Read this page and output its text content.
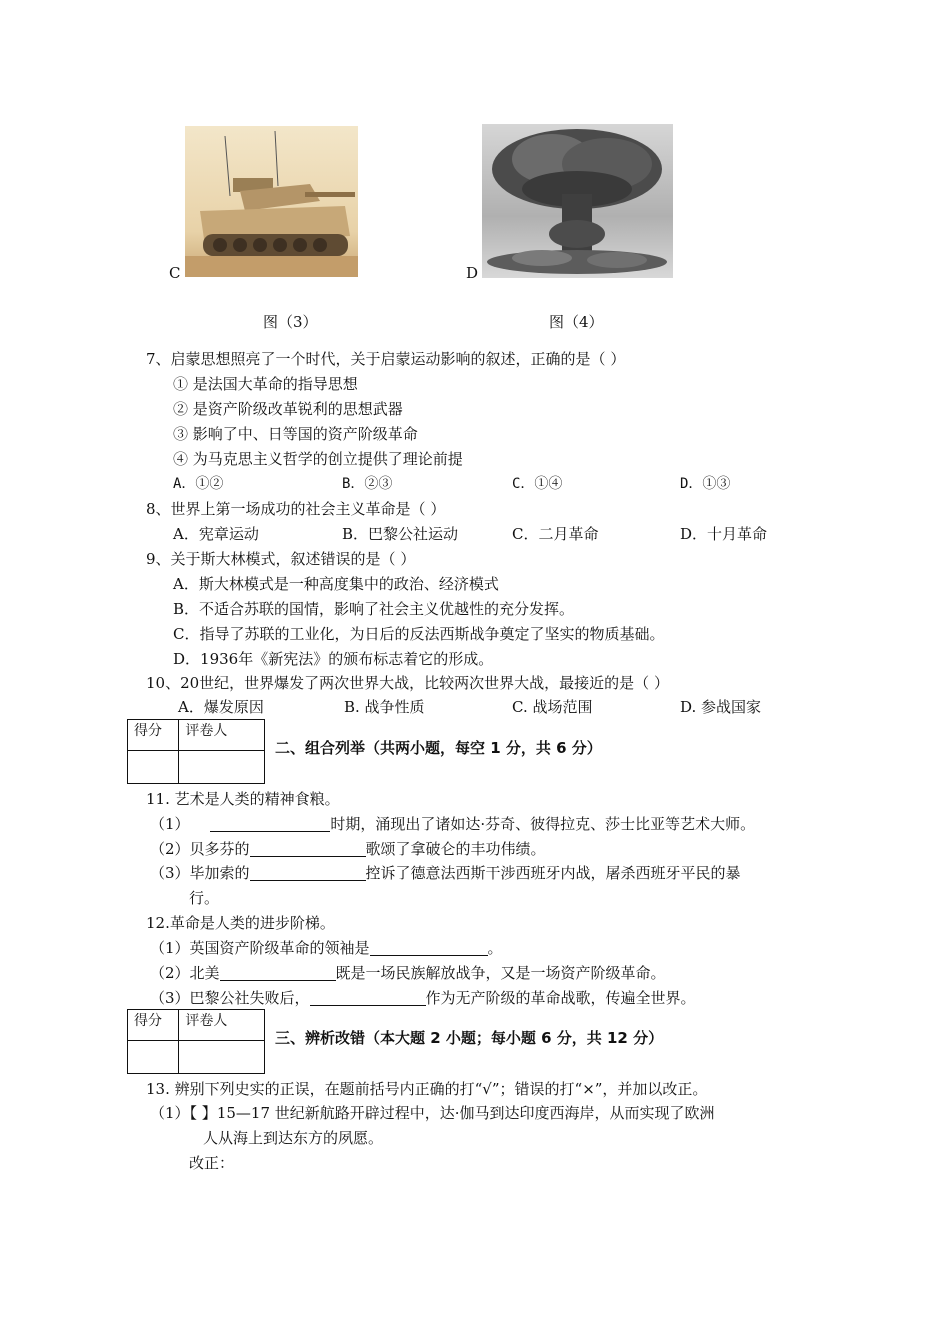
C	D
图（3）	图（4）
7、启蒙思想照亮了一个时代，关于启蒙运动影响的叙述，正确的是（ ）
① 是法国大革命的指导思想
② 是资产阶级改革锐利的思想武器
③ 影响了中、日等国的资产阶级革命
④ 为马克思主义哲学的创立提供了理论前提
A．①②	B．②③	C．①④	D．①③
8、世界上第一场成功的社会主义革命是（ ）
A．宪章运动	B．巴黎公社运动	C．二月革命	D．十月革命
9、关于斯大林模式，叙述错误的是（ ）
A．斯大林模式是一种高度集中的政治、经济模式
B．不适合苏联的国情，影响了社会主义优越性的充分发挥。
C．指导了苏联的工业化，为日后的反法西斯战争奠定了坚实的物质基础。
D．1936年《新宪法》的颁布标志着它的形成。
10、20世纪，世界爆发了两次世界大战，比较两次世界大战，最接近的是（ ）
A．爆发原因	B. 战争性质	C. 战场范围	D. 参战国家
得分	评卷人

二、组合列举（共两小题，每空 1 分，共 6 分）
11. 艺术是人类的精神食粮。
（1）	时期，涌现出了诸如达·芬奇、彼得拉克、莎士比亚等艺术大师。
（2）贝多芬的	歌颂了拿破仑的丰功伟绩。
（3）毕加索的	控诉了德意法西斯干涉西班牙内战，屠杀西班牙平民的暴
行。
12.革命是人类的进步阶梯。
（1）英国资产阶级革命的领袖是	。
（2）北美	既是一场民族解放战争，又是一场资产阶级革命。
（3）巴黎公社失败后，	作为无产阶级的革命战歌，传遍全世界。
得分	评卷人

三、辨析改错（本大题 2 小题；每小题 6 分，共 12 分）
13. 辨别下列史实的正误，在题前括号内正确的打“√”；错误的打“×”，并加以改正。
（1）【 】15—17 世纪新航路开辟过程中，达·伽马到达印度西海岸，从而实现了欧洲
人从海上到达东方的夙愿。
改正：
